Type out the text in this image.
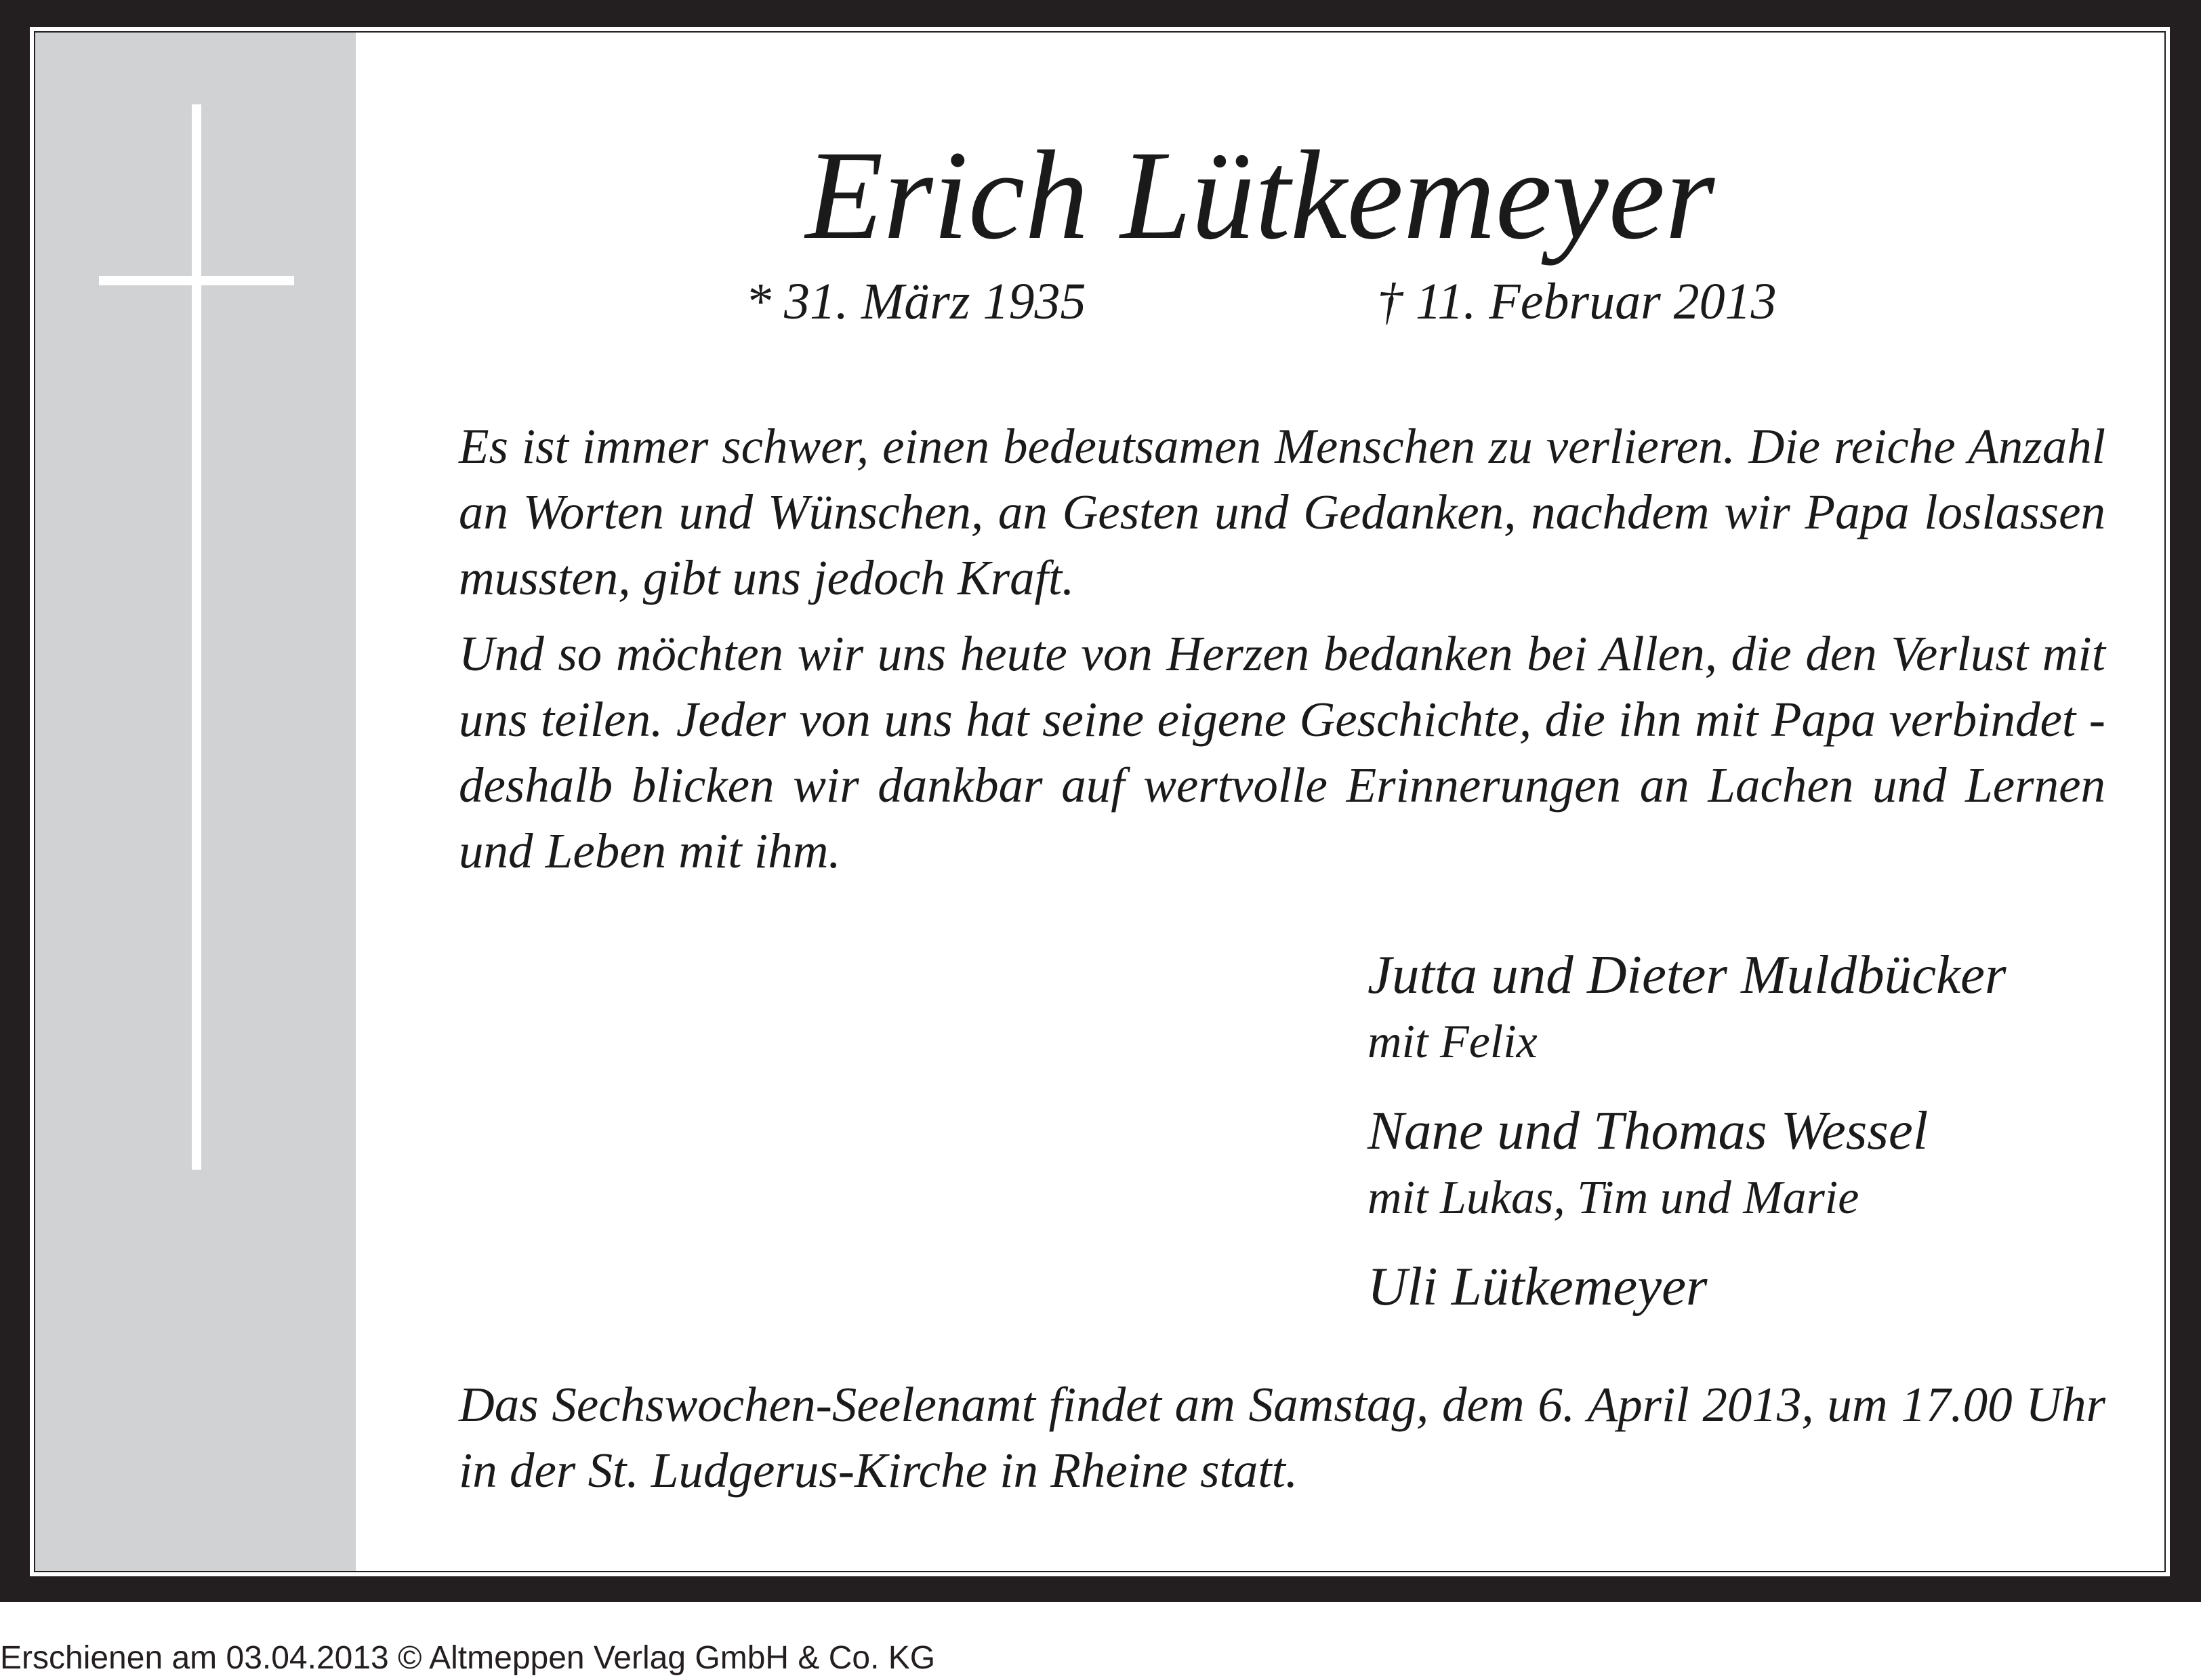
Erich Lütkemeyer
* 31. März 1935	† 11. Februar 2013

Es ist immer schwer, einen bedeutsamen Menschen zu verlieren. Die reiche Anzahl an Worten und Wünschen, an Gesten und Gedanken, nachdem wir Papa loslassen mussten, gibt uns jedoch Kraft.

Und so möchten wir uns heute von Herzen bedanken bei Allen, die den Verlust mit uns teilen. Jeder von uns hat seine eigene Geschichte, die ihn mit Papa verbindet - deshalb blicken wir dankbar auf wertvolle Erinnerungen an Lachen und Lernen und Leben mit ihm.

Jutta und Dieter Muldbücker
mit Felix
Nane und Thomas Wessel
mit Lukas, Tim und Marie
Uli Lütkemeyer

Das Sechswochen-Seelenamt findet am Samstag, dem 6. April 2013, um 17.00 Uhr in der St. Ludgerus-Kirche in Rheine statt.

Erschienen am 03.04.2013 © Altmeppen Verlag GmbH & Co. KG
